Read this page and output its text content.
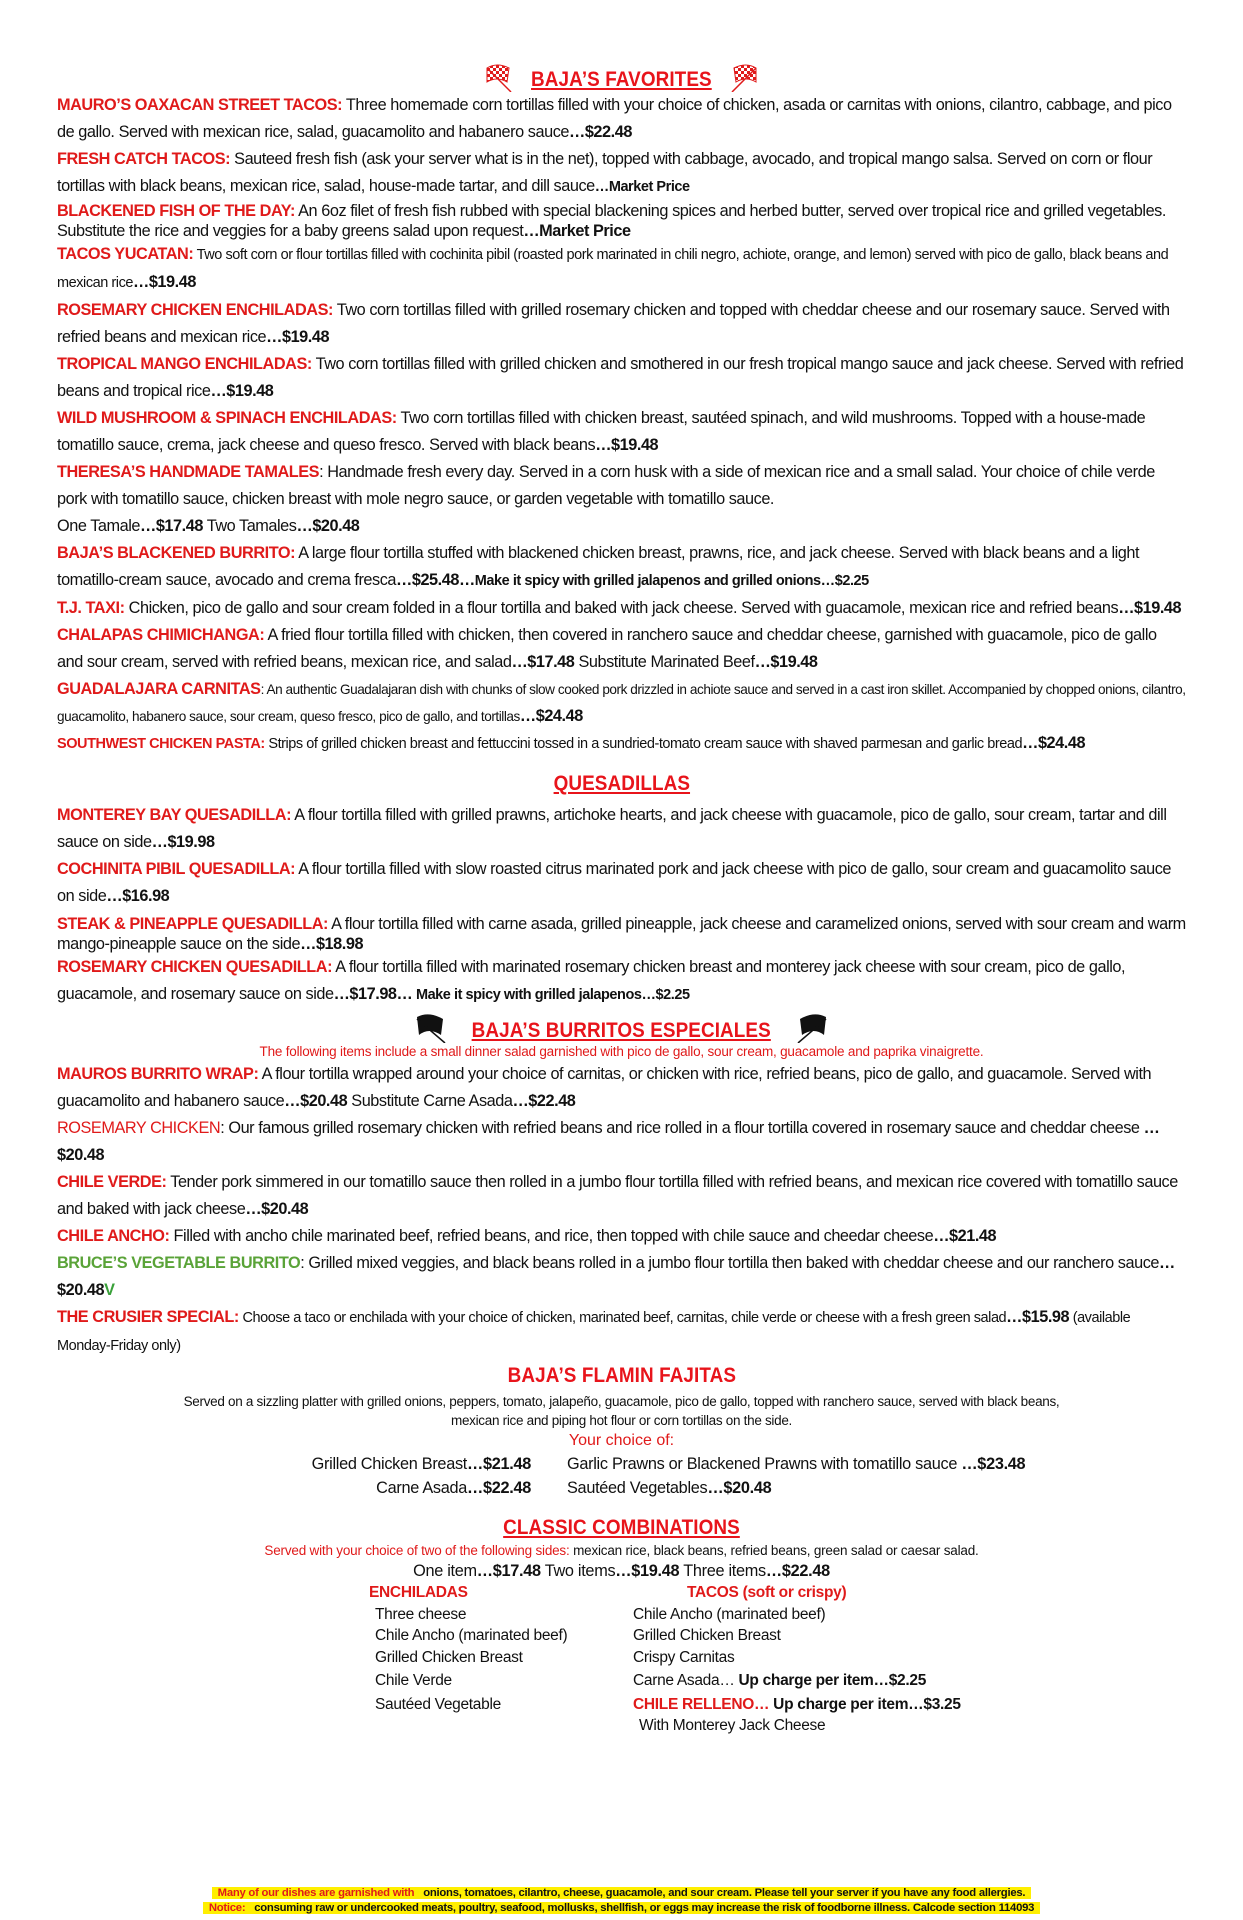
BAJA’S FAVORITES

MAURO’S OAXACAN STREET TACOS: Three homemade corn tortillas filled with your choice of chicken, asada or carnitas with onions, cilantro, cabbage, and pico de gallo. Served with mexican rice, salad, guacamolito and habanero sauce…$22.48

FRESH CATCH TACOS: Sauteed fresh fish (ask your server what is in the net), topped with cabbage, avocado, and tropical mango salsa. Served on corn or flour tortillas with black beans, mexican rice, salad, house-made tartar, and dill sauce…Market Price

BLACKENED FISH OF THE DAY: An 6oz filet of fresh fish rubbed with special blackening spices and herbed butter, served over tropical rice and grilled vegetables. Substitute the rice and veggies for a baby greens salad upon request…Market Price

TACOS YUCATAN: Two soft corn or flour tortillas filled with cochinita pibil (roasted pork marinated in chili negro, achiote, orange, and lemon) served with pico de gallo, black beans and mexican rice…$19.48

ROSEMARY CHICKEN ENCHILADAS: Two corn tortillas filled with grilled rosemary chicken and topped with cheddar cheese and our rosemary sauce. Served with refried beans and mexican rice…$19.48

TROPICAL MANGO ENCHILADAS: Two corn tortillas filled with grilled chicken and smothered in our fresh tropical mango sauce and jack cheese. Served with refried beans and tropical rice…$19.48

WILD MUSHROOM & SPINACH ENCHILADAS: Two corn tortillas filled with chicken breast, sautéed spinach, and wild mushrooms. Topped with a house-made tomatillo sauce, crema, jack cheese and queso fresco. Served with black beans…$19.48

THERESA’S HANDMADE TAMALES: Handmade fresh every day. Served in a corn husk with a side of mexican rice and a small salad. Your choice of chile verde pork with tomatillo sauce, chicken breast with mole negro sauce, or garden vegetable with tomatillo sauce.
One Tamale…$17.48 Two Tamales…$20.48

BAJA’S BLACKENED BURRITO: A large flour tortilla stuffed with blackened chicken breast, prawns, rice, and jack cheese. Served with black beans and a light tomatillo-cream sauce, avocado and crema fresca…$25.48…Make it spicy with grilled jalapenos and grilled onions…$2.25

T.J. TAXI: Chicken, pico de gallo and sour cream folded in a flour tortilla and baked with jack cheese. Served with guacamole, mexican rice and refried beans…$19.48

CHALAPAS CHIMICHANGA: A fried flour tortilla filled with chicken, then covered in ranchero sauce and cheddar cheese, garnished with guacamole, pico de gallo and sour cream, served with refried beans, mexican rice, and salad…$17.48 Substitute Marinated Beef…$19.48

GUADALAJARA CARNITAS: An authentic Guadalajaran dish with chunks of slow cooked pork drizzled in achiote sauce and served in a cast iron skillet. Accompanied by chopped onions, cilantro, guacamolito, habanero sauce, sour cream, queso fresco, pico de gallo, and tortillas…$24.48

SOUTHWEST CHICKEN PASTA: Strips of grilled chicken breast and fettuccini tossed in a sundried-tomato cream sauce with shaved parmesan and garlic bread…$24.48

QUESADILLAS

MONTEREY BAY QUESADILLA: A flour tortilla filled with grilled prawns, artichoke hearts, and jack cheese with guacamole, pico de gallo, sour cream, tartar and dill sauce on side…$19.98

COCHINITA PIBIL QUESADILLA: A flour tortilla filled with slow roasted citrus marinated pork and jack cheese with pico de gallo, sour cream and guacamolito sauce on side…$16.98

STEAK & PINEAPPLE QUESADILLA: A flour tortilla filled with carne asada, grilled pineapple, jack cheese and caramelized onions, served with sour cream and warm mango-pineapple sauce on the side…$18.98

ROSEMARY CHICKEN QUESADILLA: A flour tortilla filled with marinated rosemary chicken breast and monterey jack cheese with sour cream, pico de gallo, guacamole, and rosemary sauce on side…$17.98… Make it spicy with grilled jalapenos…$2.25

BAJA’S BURRITOS ESPECIALES

The following items include a small dinner salad garnished with pico de gallo, sour cream, guacamole and paprika vinaigrette.

MAUROS BURRITO WRAP: A flour tortilla wrapped around your choice of carnitas, or chicken with rice, refried beans, pico de gallo, and guacamole. Served with guacamolito and habanero sauce…$20.48 Substitute Carne Asada…$22.48

ROSEMARY CHICKEN: Our famous grilled rosemary chicken with refried beans and rice rolled in a flour tortilla covered in rosemary sauce and cheddar cheese …$20.48

CHILE VERDE: Tender pork simmered in our tomatillo sauce then rolled in a jumbo flour tortilla filled with refried beans, and mexican rice covered with tomatillo sauce and baked with jack cheese…$20.48

CHILE ANCHO: Filled with ancho chile marinated beef, refried beans, and rice, then topped with chile sauce and cheedar cheese…$21.48

BRUCE’S VEGETABLE BURRITO: Grilled mixed veggies, and black beans rolled in a jumbo flour tortilla then baked with cheddar cheese and our ranchero sauce…$20.48V

THE CRUSIER SPECIAL: Choose a taco or enchilada with your choice of chicken, marinated beef, carnitas, chile verde or cheese with a fresh green salad…$15.98 (available Monday-Friday only)

BAJA’S FLAMIN FAJITAS

Served on a sizzling platter with grilled onions, peppers, tomato, jalapeño, guacamole, pico de gallo, topped with ranchero sauce, served with black beans,

mexican rice and piping hot flour or corn tortillas on the side.

Your choice of:

Grilled Chicken Breast…$21.48	Garlic Prawns or Blackened Prawns with tomatillo sauce …$23.48
Carne Asada…$22.48	Sautéed Vegetables…$20.48
CLASSIC COMBINATIONS

Served with your choice of two of the following sides: mexican rice, black beans, refried beans, green salad or caesar salad.

One item…$17.48 Two items…$19.48 Three items…$22.48

ENCHILADAS
Three cheese
Chile Ancho (marinated beef)
Grilled Chicken Breast
Chile Verde
Sautéed Vegetable
TACOS (soft or crispy)
Chile Ancho (marinated beef)
Grilled Chicken Breast
Crispy Carnitas
Carne Asada… Up charge per item…$2.25
CHILE RELLENO… Up charge per item…$3.25
With Monterey Jack Cheese
Many of our dishes are garnished with onions, tomatoes, cilantro, cheese, guacamole, and sour cream. Please tell your server if you have any food allergies.
Notice: consuming raw or undercooked meats, poultry, seafood, mollusks, shellfish, or eggs may increase the risk of foodborne illness. Calcode section 114093
